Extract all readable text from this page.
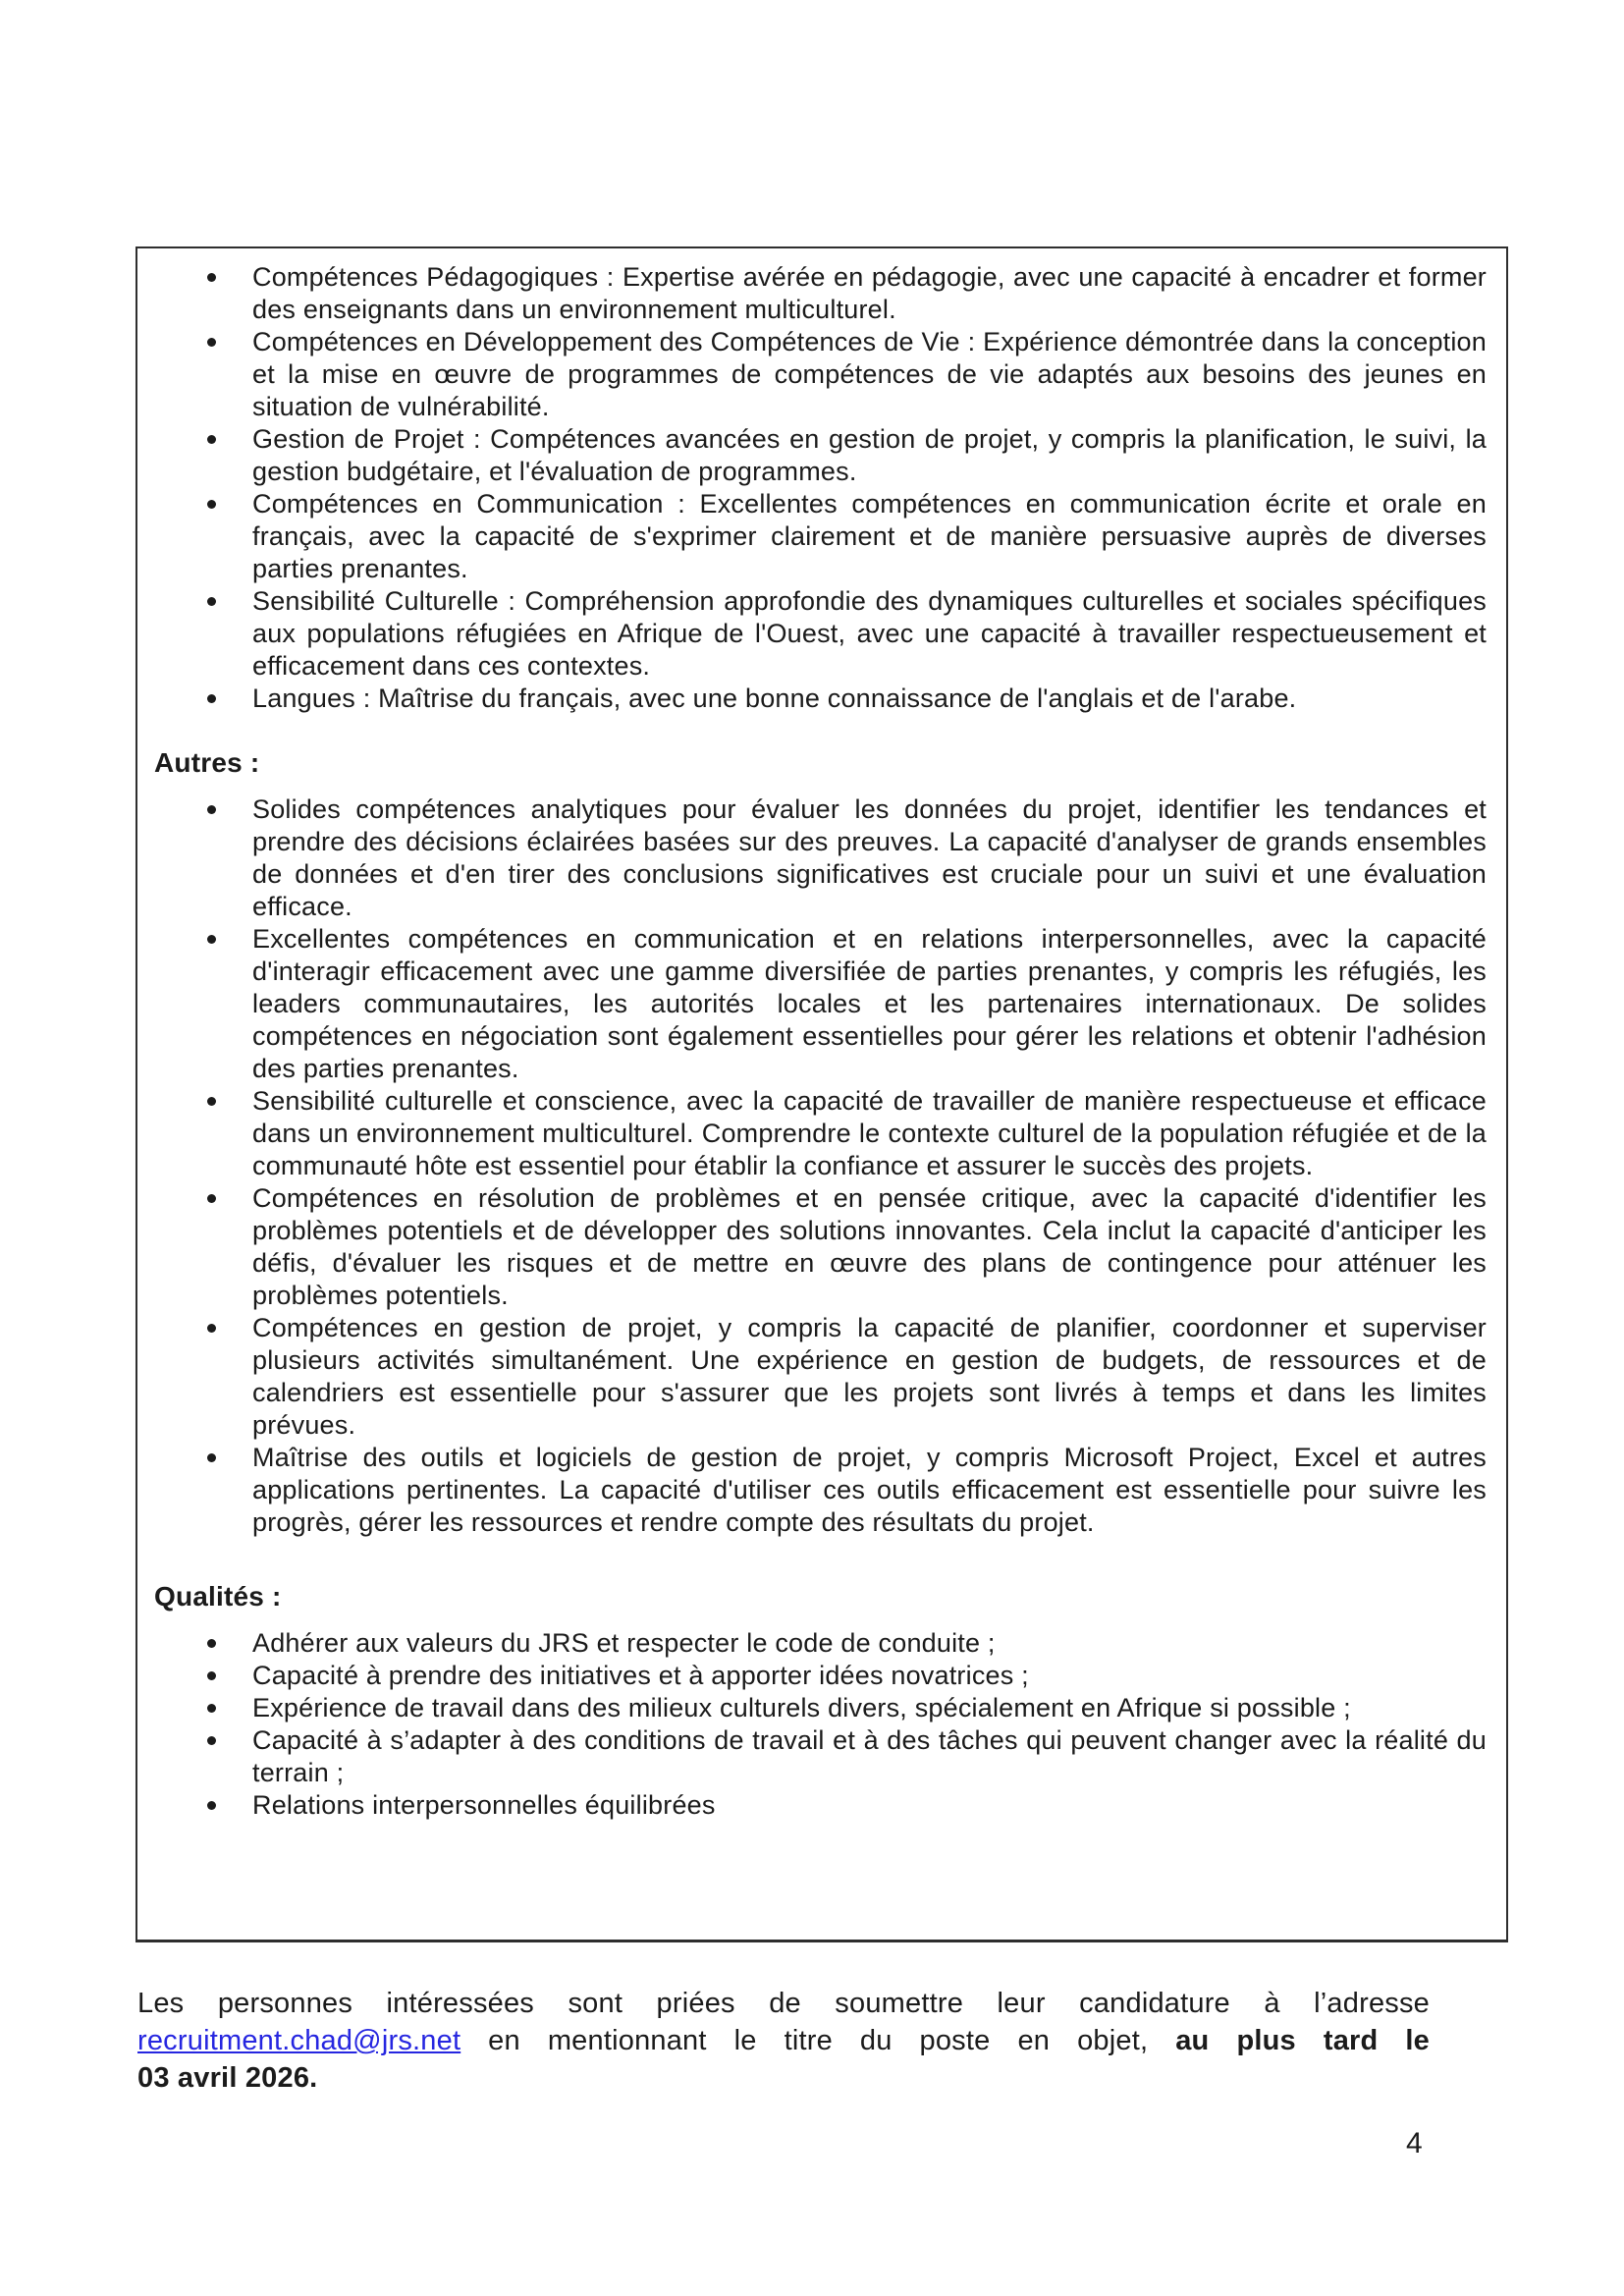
Compétences Pédagogiques : Expertise avérée en pédagogie, avec une capacité à encadrer et former des enseignants dans un environnement multiculturel.
Compétences en Développement des Compétences de Vie : Expérience démontrée dans la conception et la mise en œuvre de programmes de compétences de vie adaptés aux besoins des jeunes en situation de vulnérabilité.
Gestion de Projet : Compétences avancées en gestion de projet, y compris la planification, le suivi, la gestion budgétaire, et l'évaluation de programmes.
Compétences en Communication : Excellentes compétences en communication écrite et orale en français, avec la capacité de s'exprimer clairement et de manière persuasive auprès de diverses parties prenantes.
Sensibilité Culturelle : Compréhension approfondie des dynamiques culturelles et sociales spécifiques aux populations réfugiées en Afrique de l'Ouest, avec une capacité à travailler respectueusement et efficacement dans ces contextes.
Langues : Maîtrise du français, avec une bonne connaissance de l'anglais et de l'arabe.
Autres :
Solides compétences analytiques pour évaluer les données du projet, identifier les tendances et prendre des décisions éclairées basées sur des preuves. La capacité d'analyser de grands ensembles de données et d'en tirer des conclusions significatives est cruciale pour un suivi et une évaluation efficace.
Excellentes compétences en communication et en relations interpersonnelles, avec la capacité d'interagir efficacement avec une gamme diversifiée de parties prenantes, y compris les réfugiés, les leaders communautaires, les autorités locales et les partenaires internationaux. De solides compétences en négociation sont également essentielles pour gérer les relations et obtenir l'adhésion des parties prenantes.
Sensibilité culturelle et conscience, avec la capacité de travailler de manière respectueuse et efficace dans un environnement multiculturel. Comprendre le contexte culturel de la population réfugiée et de la communauté hôte est essentiel pour établir la confiance et assurer le succès des projets.
Compétences en résolution de problèmes et en pensée critique, avec la capacité d'identifier les problèmes potentiels et de développer des solutions innovantes. Cela inclut la capacité d'anticiper les défis, d'évaluer les risques et de mettre en œuvre des plans de contingence pour atténuer les problèmes potentiels.
Compétences en gestion de projet, y compris la capacité de planifier, coordonner et superviser plusieurs activités simultanément. Une expérience en gestion de budgets, de ressources et de calendriers est essentielle pour s'assurer que les projets sont livrés à temps et dans les limites prévues.
Maîtrise des outils et logiciels de gestion de projet, y compris Microsoft Project, Excel et autres applications pertinentes. La capacité d'utiliser ces outils efficacement est essentielle pour suivre les progrès, gérer les ressources et rendre compte des résultats du projet.
Qualités :
Adhérer aux valeurs du JRS et respecter le code de conduite ;
Capacité à prendre des initiatives et à apporter idées novatrices ;
Expérience de travail dans des milieux culturels divers, spécialement en Afrique si possible ;
Capacité à s’adapter à des conditions de travail et à des tâches qui peuvent changer avec la réalité du terrain ;
Relations interpersonnelles équilibrées
Les personnes intéressées sont priées de soumettre leur candidature à l’adresse
recruitment.chad@jrs.net en mentionnant le titre du poste en objet, au plus tard le
03 avril 2026.
4
